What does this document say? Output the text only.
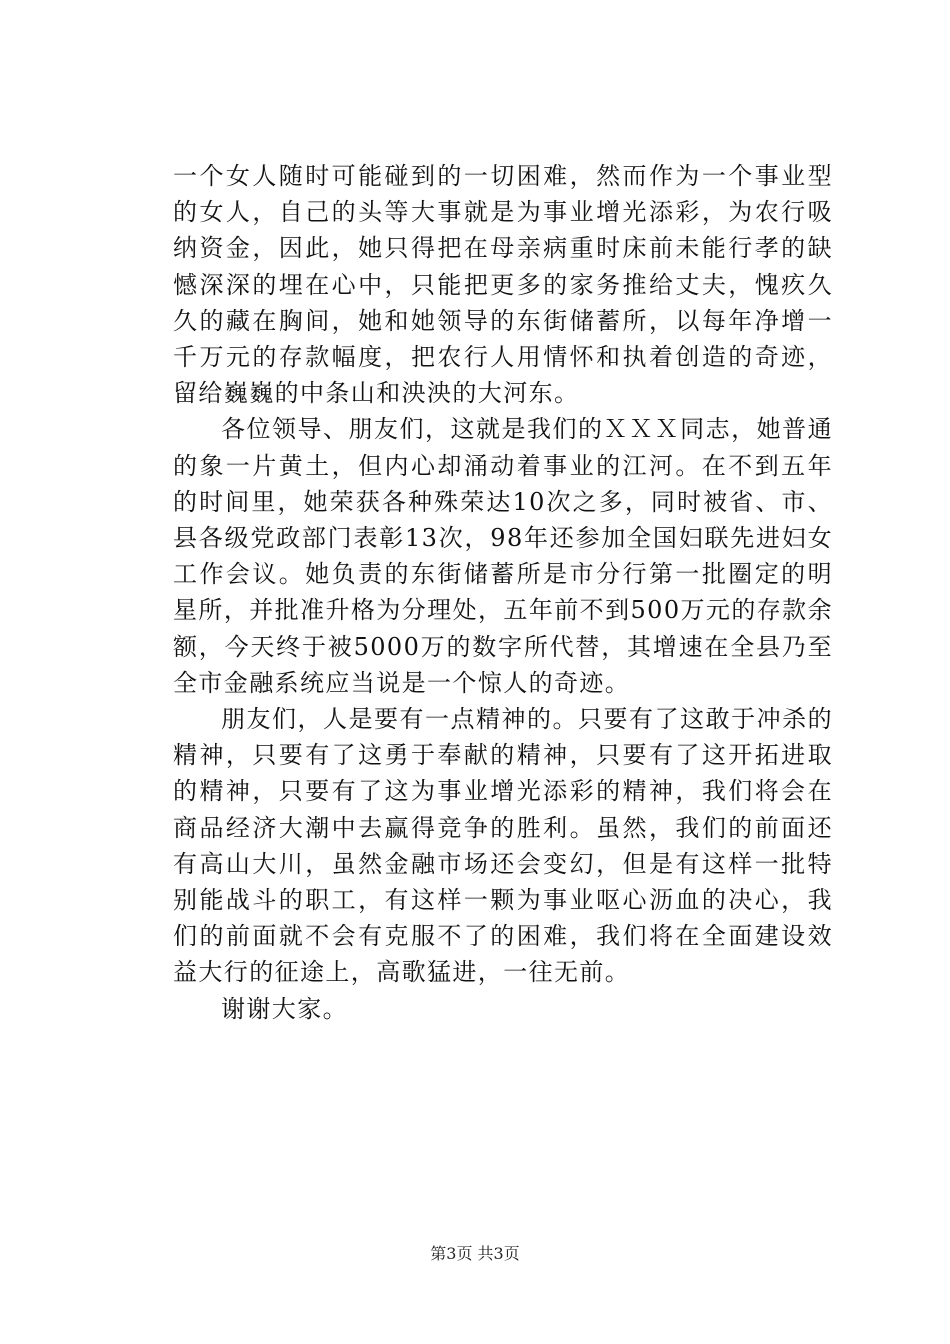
一个女人随时可能碰到的一切困难，然而作为一个事业型的女人，自己的头等大事就是为事业增光添彩，为农行吸纳资金，因此，她只得把在母亲病重时床前未能行孝的缺憾深深的埋在心中，只能把更多的家务推给丈夫，愧疚久久的藏在胸间，她和她领导的东街储蓄所，以每年净增一千万元的存款幅度，把农行人用情怀和执着创造的奇迹，留给巍巍的中条山和泱泱的大河东。

各位领导、朋友们，这就是我们的ＸＸＸ同志，她普通的象一片黄土，但内心却涌动着事业的江河。在不到五年的时间里，她荣获各种殊荣达10次之多，同时被省、市、县各级党政部门表彰13次，98年还参加全国妇联先进妇女工作会议。她负责的东街储蓄所是市分行第一批圈定的明星所，并批准升格为分理处，五年前不到500万元的存款余额，今天终于被5000万的数字所代替，其增速在全县乃至全市金融系统应当说是一个惊人的奇迹。

朋友们，人是要有一点精神的。只要有了这敢于冲杀的精神，只要有了这勇于奉献的精神，只要有了这开拓进取的精神，只要有了这为事业增光添彩的精神，我们将会在商品经济大潮中去赢得竞争的胜利。虽然，我们的前面还有高山大川，虽然金融市场还会变幻，但是有这样一批特别能战斗的职工，有这样一颗为事业呕心沥血的决心，我们的前面就不会有克服不了的困难，我们将在全面建设效益大行的征途上，高歌猛进，一往无前。

谢谢大家。

第3页 共3页
